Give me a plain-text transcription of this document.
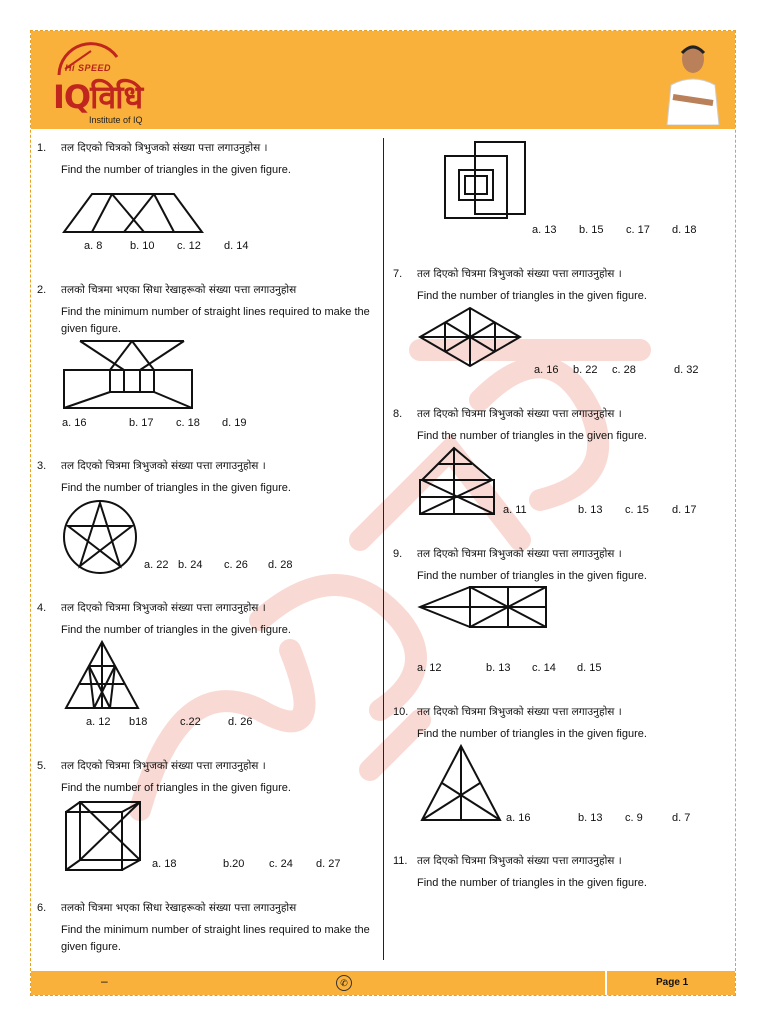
Hi SPEED
IQविधि
Institute of IQ
1. तल दिएको चित्रको त्रिभुजको संख्या पत्ता लगाउनुहोस ।
Find the number of triangles in the given figure.
a. 8	b. 10 c. 12 d. 14
2. तलको चित्रमा भएका सिधा रेखाहरूको संख्या पत्ता लगाउनुहोस
Find the minimum number of straight lines required to make the given figure.
a. 16	b. 17 c. 18 d. 19
3. तल दिएको चित्रमा त्रिभुजको संख्या पत्ता लगाउनुहोस ।
Find the number of triangles in the given figure.
a. 22 b. 24 c. 26 d. 28
4. तल दिएको चित्रमा त्रिभुजको संख्या पत्ता लगाउनुहोस ।
Find the number of triangles in the given figure.
a. 12 b18	c.22 d. 26
5. तल दिएको चित्रमा त्रिभुजको संख्या पत्ता लगाउनुहोस ।
Find the number of triangles in the given figure.
a. 18	b.20 c. 24 d. 27
6. तलको चित्रमा भएका सिधा रेखाहरूको संख्या पत्ता लगाउनुहोस
Find the minimum number of straight lines required to make the given figure.
a. 13 b. 15 c. 17 d. 18
7. तल दिएको चित्रमा त्रिभुजको संख्या पत्ता लगाउनुहोस ।
Find the number of triangles in the given figure.
a. 16 b. 22 c. 28	d. 32
8. तल दिएको चित्रमा त्रिभुजको संख्या पत्ता लगाउनुहोस ।
Find the number of triangles in the given figure.
a. 11	b. 13 c. 15 d. 17
9. तल दिएको चित्रमा त्रिभुजको संख्या पत्ता लगाउनुहोस ।
Find the number of triangles in the given figure.
a. 12	b. 13 c. 14 d. 15
10. तल दिएको चित्रमा त्रिभुजको संख्या पत्ता लगाउनुहोस ।
Find the number of triangles in the given figure.
a. 16	b. 13 c. 9	d. 7
11. तल दिएको चित्रमा त्रिभुजको संख्या पत्ता लगाउनुहोस ।
Find the number of triangles in the given figure.
–	✆	Page 1
